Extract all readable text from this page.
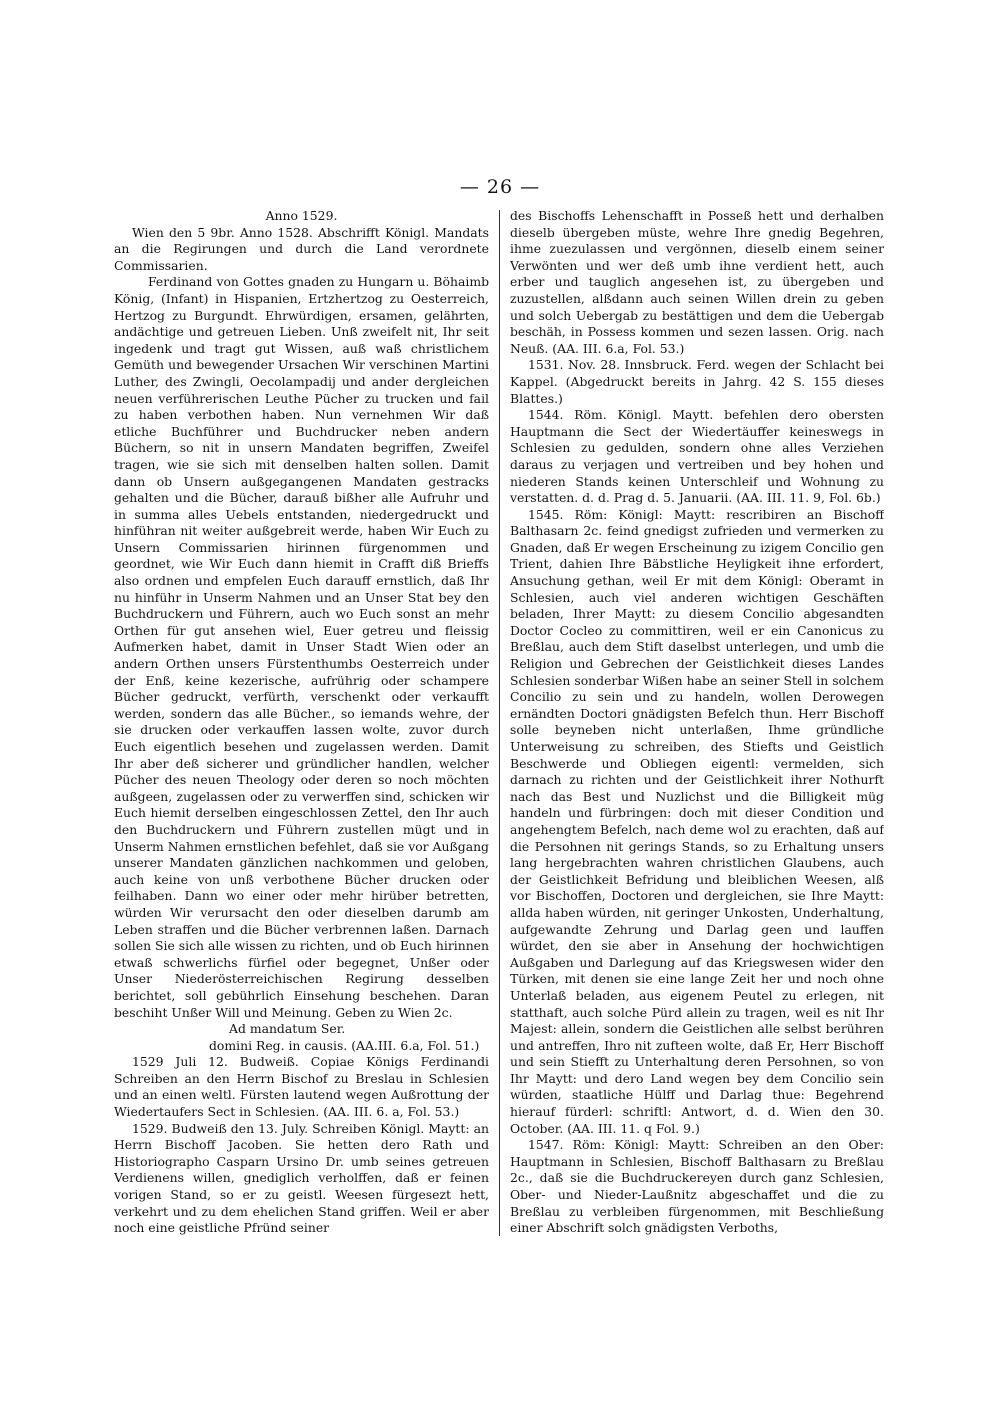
— 26 —

Anno 1529.

Wien den 5 9br. Anno 1528. Abschrifft Königl. Mandats an die Regirungen und durch die Land verordnete Commissarien.

Ferdinand von Gottes gnaden zu Hungarn u. Böhaimb König, (Infant) in Hispanien, Ertzhertzog zu Oesterreich, Hertzog zu Burgundt. Ehrwürdigen, ersamen, gelährten, andächtige und getreuen Lieben. Unß zweifelt nit, Ihr seit ingedenk und tragt gut Wissen, auß waß christlichem Gemüth und bewegender Ursachen Wir verschinen Martini Luther, des Zwingli, Oecolampadij und ander dergleichen neuen verführerischen Leuthe Pücher zu trucken und fail zu haben verbothen haben. Nun vernehmen Wir daß etliche Buchführer und Buchdrucker neben andern Büchern, so nit in unsern Mandaten begriffen, Zweifel tragen, wie sie sich mit denselben halten sollen. Damit dann ob Unsern außgegangenen Mandaten gestracks gehalten und die Bücher, darauß bißher alle Aufruhr und in summa alles Uebels entstanden, niedergedruckt und hinführan nit weiter außgebreit werde, haben Wir Euch zu Unsern Commissarien hirinnen fürgenommen und geordnet, wie Wir Euch dann hiemit in Crafft diß Brieffs also ordnen und empfelen Euch darauff ernstlich, daß Ihr nu hinführ in Unserm Nahmen und an Unser Stat bey den Buchdruckern und Führern, auch wo Euch sonst an mehr Orthen für gut ansehen wiel, Euer getreu und fleissig Aufmerken habet, damit in Unser Stadt Wien oder an andern Orthen unsers Fürstenthumbs Oesterreich under der Enß, keine kezerische, aufrührig oder schampere Bücher gedruckt, verfürth, verschenkt oder verkaufft werden, sondern das alle Bücher., so iemands wehre, der sie drucken oder verkauffen lassen wolte, zuvor durch Euch eigentlich besehen und zugelassen werden. Damit Ihr aber deß sicherer und gründlicher handlen, welcher Pücher des neuen Theology oder deren so noch möchten außgeen, zugelassen oder zu verwerffen sind, schicken wir Euch hiemit derselben eingeschlossen Zettel, den Ihr auch den Buchdruckern und Führern zustellen mügt und in Unserm Nahmen ernstlichen befehlet, daß sie vor Außgang unserer Mandaten gänzlichen nachkommen und geloben, auch keine von unß verbothene Bücher drucken oder feilhaben. Dann wo einer oder mehr hirüber betretten, würden Wir verursacht den oder dieselben darumb am Leben straffen und die Bücher verbrennen laßen. Darnach sollen Sie sich alle wissen zu richten, und ob Euch hirinnen etwaß schwerlichs fürfiel oder begegnet, Unßer oder Unser Niederösterreichischen Regirung desselben berichtet, soll gebührlich Einsehung beschehen. Daran beschiht Unßer Will und Meinung. Geben zu Wien 2c.

Ad mandatum Ser.

domini Reg. in causis. (AA.III. 6.a, Fol. 51.)

1529 Juli 12. Budweiß. Copiae Königs Ferdinandi Schreiben an den Herrn Bischof zu Breslau in Schlesien und an einen weltl. Fürsten lautend wegen Außrottung der Wiedertaufers Sect in Schlesien. (AA. III. 6. a, Fol. 53.)

1529. Budweiß den 13. July. Schreiben Königl. Maytt: an Herrn Bischoff Jacoben. Sie hetten dero Rath und Historiographo Casparn Ursino Dr. umb seines getreuen Verdienens willen, gnediglich verholffen, daß er feinen vorigen Stand, so er zu geistl. Weesen fürgesezt hett, verkehrt und zu dem ehelichen Stand griffen. Weil er aber noch eine geistliche Pfründ seiner

des Bischoffs Lehenschafft in Posseß hett und derhalben dieselb übergeben müste, wehre Ihre gnedig Begehren, ihme zuezulassen und vergönnen, dieselb einem seiner Verwönten und wer deß umb ihne verdient hett, auch erber und tauglich angesehen ist, zu übergeben und zuzustellen, alßdann auch seinen Willen drein zu geben und solch Uebergab zu bestättigen und dem die Uebergab beschäh, in Possess kommen und sezen lassen. Orig. nach Neuß. (AA. III. 6.a, Fol. 53.)

1531. Nov. 28. Innsbruck. Ferd. wegen der Schlacht bei Kappel. (Abgedruckt bereits in Jahrg. 42 S. 155 dieses Blattes.)

1544. Röm. Königl. Maytt. befehlen dero obersten Hauptmann die Sect der Wiedertäuffer keineswegs in Schlesien zu gedulden, sondern ohne alles Verziehen daraus zu verjagen und vertreiben und bey hohen und niederen Stands keinen Unterschleif und Wohnung zu verstatten. d. d. Prag d. 5. Januarii. (AA. III. 11. 9, Fol. 6b.)

1545. Röm: Königl: Maytt: rescribiren an Bischoff Balthasarn 2c. feind gnedigst zufrieden und vermerken zu Gnaden, daß Er wegen Erscheinung zu izigem Concilio gen Trient, dahien Ihre Bäbstliche Heyligkeit ihne erfordert, Ansuchung gethan, weil Er mit dem Königl: Oberamt in Schlesien, auch viel anderen wichtigen Geschäften beladen, Ihrer Maytt: zu diesem Concilio abgesandten Doctor Cocleo zu committiren, weil er ein Canonicus zu Breßlau, auch dem Stift daselbst unterlegen, und umb die Religion und Gebrechen der Geistlichkeit dieses Landes Schlesien sonderbar Wißen habe an seiner Stell in solchem Concilio zu sein und zu handeln, wollen Derowegen ernändten Doctori gnädigsten Befelch thun. Herr Bischoff solle beyneben nicht unterlaßen, Ihme gründliche Unterweisung zu schreiben, des Stiefts und Geistlich Beschwerde und Obliegen eigentl: vermelden, sich darnach zu richten und der Geistlichkeit ihrer Nothurft nach das Best und Nuzlichst und die Billigkeit müg handeln und fürbringen: doch mit dieser Condition und angehengtem Befelch, nach deme wol zu erachten, daß auf die Persohnen nit gerings Stands, so zu Erhaltung unsers lang hergebrachten wahren christlichen Glaubens, auch der Geistlichkeit Befridung und bleiblichen Weesen, alß vor Bischoffen, Doctoren und dergleichen, sie Ihre Maytt: allda haben würden, nit geringer Unkosten, Underhaltung, aufgewandte Zehrung und Darlag geen und lauffen würdet, den sie aber in Ansehung der hochwichtigen Außgaben und Darlegung auf das Kriegswesen wider den Türken, mit denen sie eine lange Zeit her und noch ohne Unterlaß beladen, aus eigenem Peutel zu erlegen, nit statthaft, auch solche Pürd allein zu tragen, weil es nit Ihr Majest: allein, sondern die Geistlichen alle selbst berühren und antreffen, Ihro nit zufteen wolte, daß Er, Herr Bischoff und sein Stiefft zu Unterhaltung deren Persohnen, so von Ihr Maytt: und dero Land wegen bey dem Concilio sein würden, staatliche Hülff und Darlag thue: Begehrend hierauf fürderl: schriftl: Antwort, d. d. Wien den 30. October. (AA. III. 11. q Fol. 9.)

1547. Röm: Königl: Maytt: Schreiben an den Ober: Hauptmann in Schlesien, Bischoff Balthasarn zu Breßlau 2c., daß sie die Buchdruckereyen durch ganz Schlesien, Ober- und Nieder-Laußnitz abgeschaffet und die zu Breßlau zu verbleiben fürgenommen, mit Beschließung einer Abschrift solch gnädigsten Verboths,
